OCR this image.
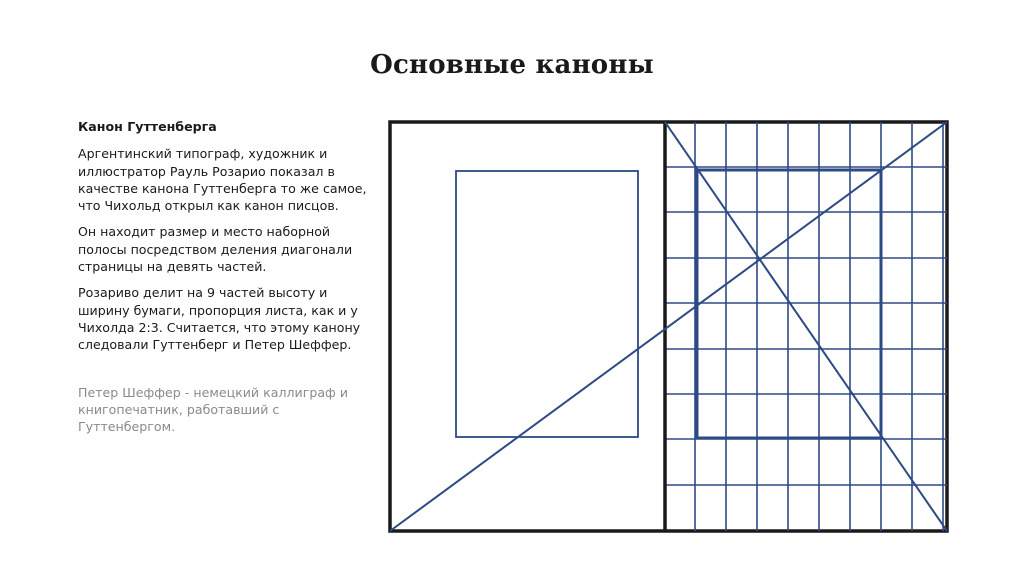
Основные каноны
Канон Гуттенберга

Аргентинский типограф, художник и иллюстратор Рауль Розарио показал в качестве канона Гуттенберга то же самое, что Чихольд открыл как канон писцов.

Он находит размер и место наборной полосы посредством деления диагонали страницы на девять частей.

Розариво делит на 9 частей высоту и ширину бумаги, пропорция листа, как и у Чихолда 2:3. Считается, что этому канону следовали Гуттенберг и Петер Шеффер.

Петер Шеффер - немецкий каллиграф и книгопечатник, работавший с Гуттенбергом.
